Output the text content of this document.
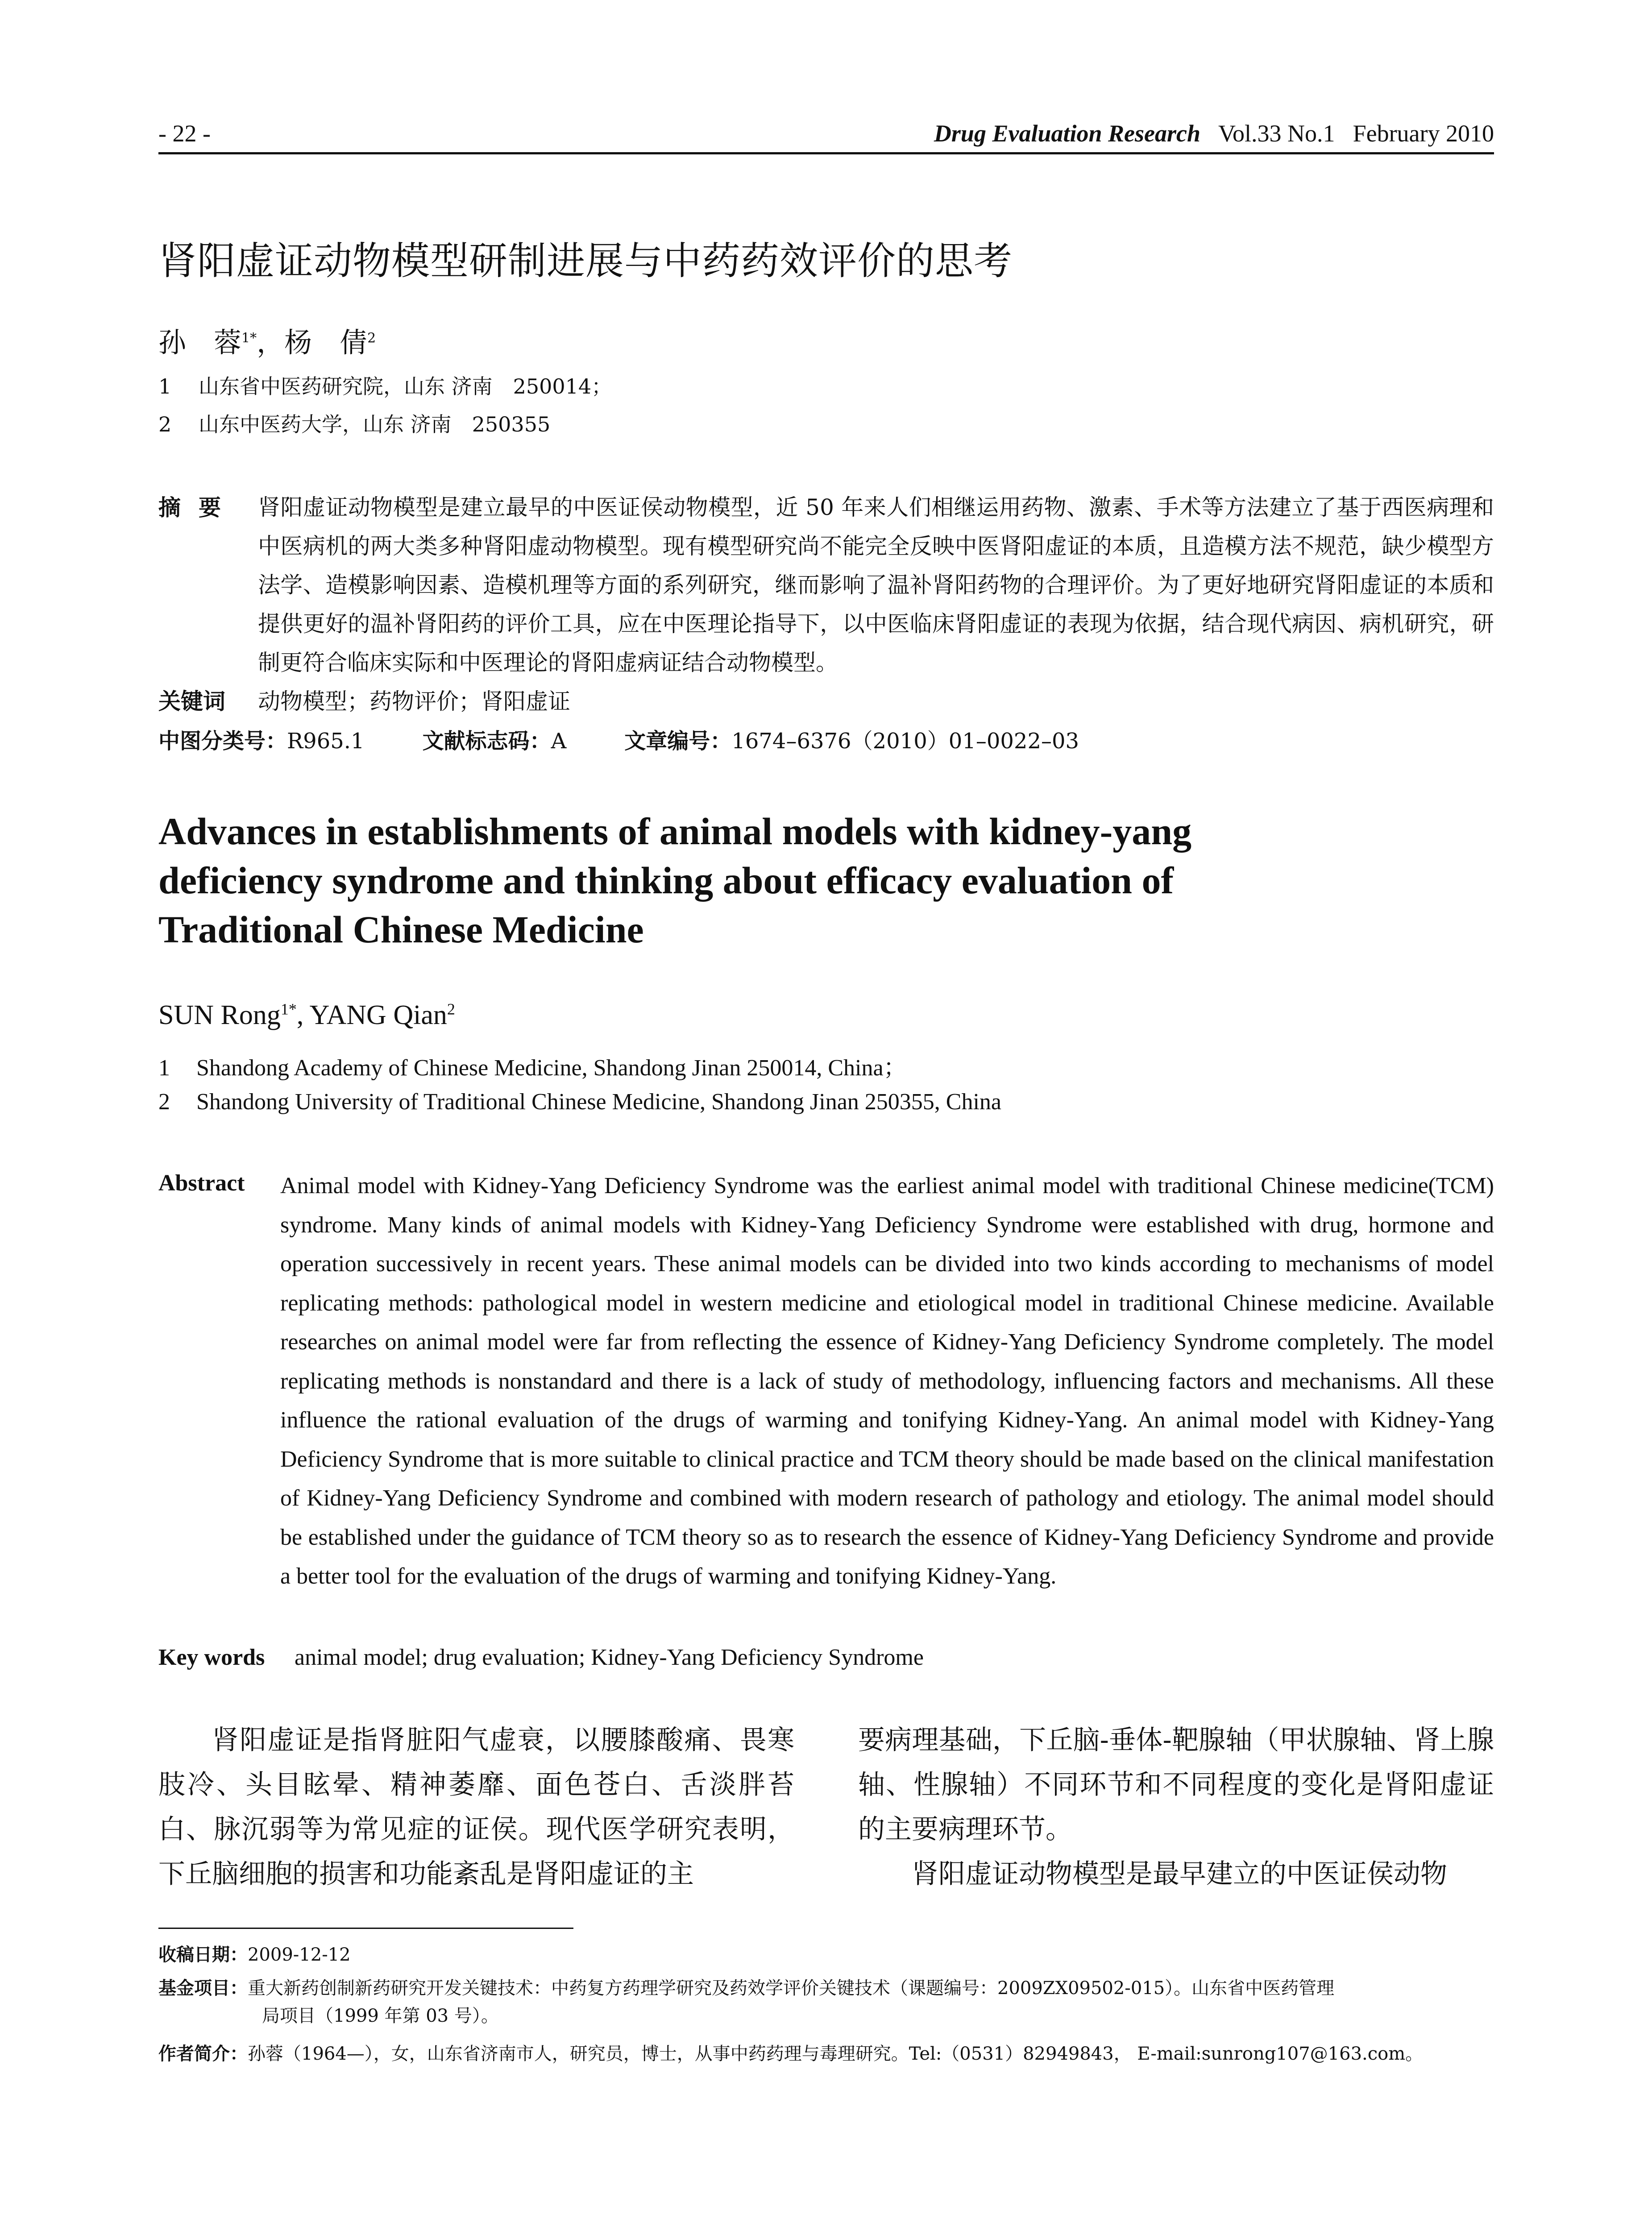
- 22 -	Drug Evaluation Research Vol.33 No.1 February 2010
肾阳虚证动物模型研制进展与中药药效评价的思考
孙　蓉$^{1*}$，杨　倩$^2$
1 山东省中医药研究院，山东 济南　250014；
2 山东中医药大学，山东 济南　250355
摘要 肾阳虚证动物模型是建立最早的中医证侯动物模型，近 50 年来人们相继运用药物、激素、手术等方法建立了基于西医病理和中医病机的两大类多种肾阳虚动物模型。现有模型研究尚不能完全反映中医肾阳虚证的本质，且造模方法不规范，缺少模型方法学、造模影响因素、造模机理等方面的系列研究，继而影响了温补肾阳药物的合理评价。为了更好地研究肾阳虚证的本质和提供更好的温补肾阳药的评价工具，应在中医理论指导下，以中医临床肾阳虚证的表现为依据，结合现代病因、病机研究，研制更符合临床实际和中医理论的肾阳虚病证结合动物模型。
关键词 动物模型；药物评价；肾阳虚证
中图分类号：R965.1	文献标志码：A	文章编号：1674–6376（2010）01–0022–03
Advances in establishments of animal models with kidney-yang deficiency syndrome and thinking about efficacy evaluation of Traditional Chinese Medicine
SUN Rong$^{1*}$, YANG Qian$^2$
1 Shandong Academy of Chinese Medicine, Shandong Jinan 250014, China；
2 Shandong University of Traditional Chinese Medicine, Shandong Jinan 250355, China
Abstract Animal model with Kidney-Yang Deficiency Syndrome was the earliest animal model with traditional Chinese medicine(TCM) syndrome. Many kinds of animal models with Kidney-Yang Deficiency Syndrome were established with drug, hormone and operation successively in recent years. These animal models can be divided into two kinds according to mechanisms of model replicating methods: pathological model in western medicine and etiological model in traditional Chinese medicine. Available researches on animal model were far from reflecting the essence of Kidney-Yang Deficiency Syndrome completely. The model replicating methods is nonstandard and there is a lack of study of methodology, influencing factors and mechanisms. All these influence the rational evaluation of the drugs of warming and tonifying Kidney-Yang. An animal model with Kidney-Yang Deficiency Syndrome that is more suitable to clinical practice and TCM theory should be made based on the clinical manifestation of Kidney-Yang Deficiency Syndrome and combined with modern research of pathology and etiology. The animal model should be established under the guidance of TCM theory so as to research the essence of Kidney-Yang Deficiency Syndrome and provide a better tool for the evaluation of the drugs of warming and tonifying Kidney-Yang.
Key words animal model; drug evaluation; Kidney-Yang Deficiency Syndrome

肾阳虚证是指肾脏阳气虚衰，以腰膝酸痛、畏寒肢冷、头目眩晕、精神萎靡、面色苍白、舌淡胖苔白、脉沉弱等为常见症的证侯。现代医学研究表明，下丘脑细胞的损害和功能紊乱是肾阳虚证的主

要病理基础，下丘脑-垂体-靶腺轴（甲状腺轴、肾上腺轴、性腺轴）不同环节和不同程度的变化是肾阳虚证的主要病理环节。

肾阳虚证动物模型是最早建立的中医证侯动物

收稿日期：2009-12-12
基金项目：重大新药创制新药研究开发关键技术：中药复方药理学研究及药效学评价关键技术（课题编号：2009ZX09502-015）。山东省中医药管理
局项目（1999 年第 03 号）。
作者简介：孙蓉（1964—），女，山东省济南市人，研究员，博士，从事中药药理与毒理研究。Tel:（0531）82949843， E-mail:sunrong107@163.com。
